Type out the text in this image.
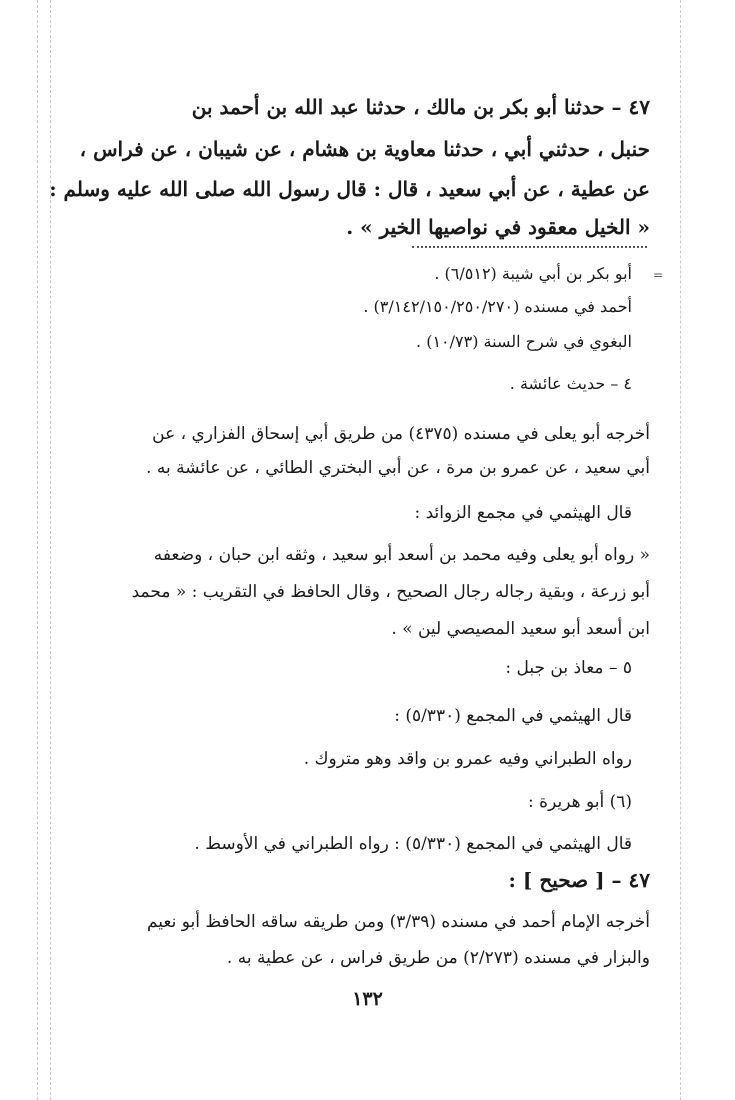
٤٧ – حدثنا أبو بكر بن مالك ، حدثنا عبد الله بن أحمد بن
حنبل ، حدثني أبي ، حدثنا معاوية بن هشام ، عن شيبان ، عن فراس ،
عن عطية ، عن أبي سعيد ، قال : قال رسول الله صلى الله عليه وسلم :
« الخيل معقود في نواصيها الخير » .
=
أبو بكر بن أبي شيبة (٦/٥١٢) .
أحمد في مسنده (٣/١٤٢/١٥٠/٢٥٠/٢٧٠) .
البغوي في شرح السنة (١٠/٧٣) .
٤ – حديث عائشة .
أخرجه أبو يعلى في مسنده (٤٣٧٥) من طريق أبي إسحاق الفزاري ، عن
أبي سعيد ، عن عمرو بن مرة ، عن أبي البختري الطائي ، عن عائشة به .
قال الهيثمي في مجمع الزوائد :
« رواه أبو يعلى وفيه محمد بن أسعد أبو سعيد ، وثقه ابن حبان ، وضعفه
أبو زرعة ، وبقية رجاله رجال الصحيح ، وقال الحافظ في التقريب : « محمد
ابن أسعد أبو سعيد المصيصي لين » .
٥ – معاذ بن جبل :
قال الهيثمي في المجمع (٥/٣٣٠) :
رواه الطبراني وفيه عمرو بن واقد وهو متروك .
(٦) أبو هريرة :
قال الهيثمي في المجمع (٥/٣٣٠) : رواه الطبراني في الأوسط .
٤٧ – [ صحيح ] :
أخرجه الإمام أحمد في مسنده (٣/٣٩) ومن طريقه ساقه الحافظ أبو نعيم
والبزار في مسنده (٢/٢٧٣) من طريق فراس ، عن عطية به .
١٣٢
